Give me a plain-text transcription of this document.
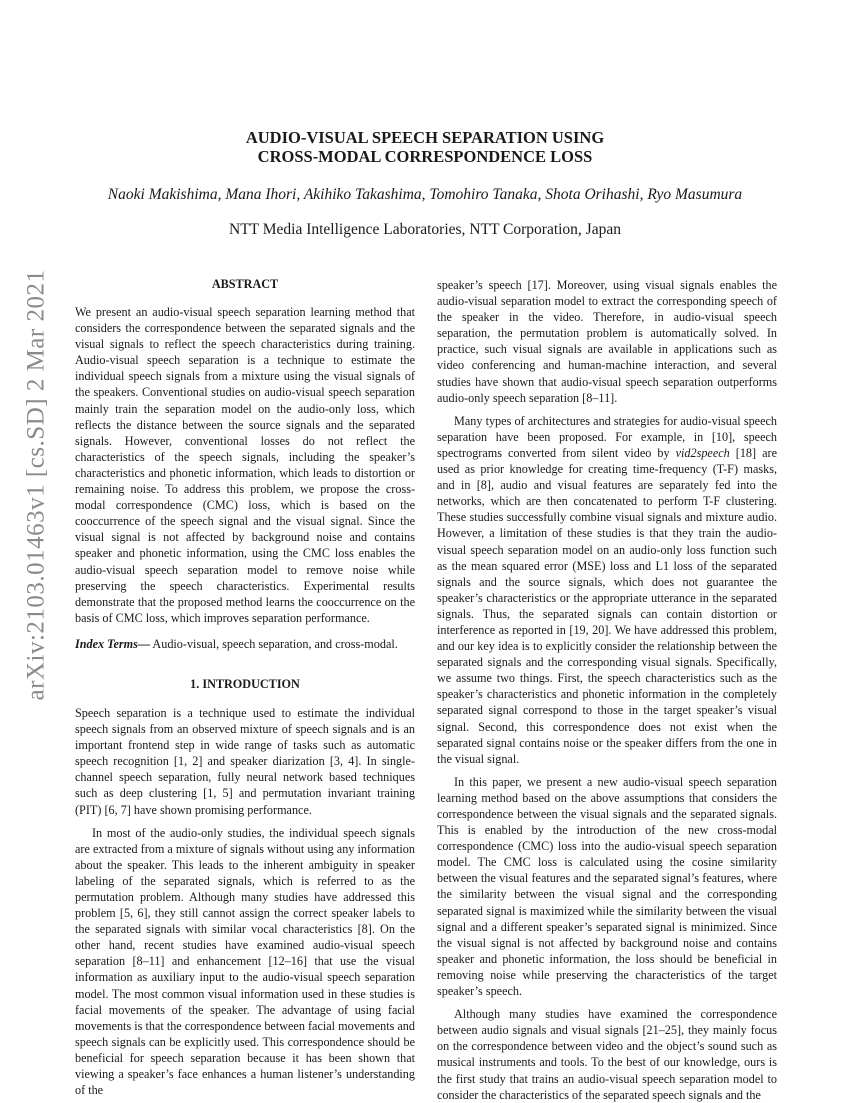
arXiv:2103.01463v1 [cs.SD] 2 Mar 2021
AUDIO-VISUAL SPEECH SEPARATION USING
CROSS-MODAL CORRESPONDENCE LOSS
Naoki Makishima, Mana Ihori, Akihiko Takashima, Tomohiro Tanaka, Shota Orihashi, Ryo Masumura
NTT Media Intelligence Laboratories, NTT Corporation, Japan
ABSTRACT

We present an audio-visual speech separation learning method that considers the correspondence between the separated signals and the visual signals to reflect the speech characteristics during training. Audio-visual speech separation is a technique to estimate the individual speech signals from a mixture using the visual signals of the speakers. Conventional studies on audio-visual speech separation mainly train the separation model on the audio-only loss, which reflects the distance between the source signals and the separated signals. However, conventional losses do not reflect the characteristics of the speech signals, including the speaker’s characteristics and phonetic information, which leads to distortion or remaining noise. To address this problem, we propose the cross-modal correspondence (CMC) loss, which is based on the cooccurrence of the speech signal and the visual signal. Since the visual signal is not affected by background noise and contains speaker and phonetic information, using the CMC loss enables the audio-visual speech separation model to remove noise while preserving the speech characteristics. Experimental results demonstrate that the proposed method learns the cooccurrence on the basis of CMC loss, which improves separation performance.

Index Terms— Audio-visual, speech separation, and cross-modal.

1. INTRODUCTION

Speech separation is a technique used to estimate the individual speech signals from an observed mixture of speech signals and is an important frontend step in wide range of tasks such as automatic speech recognition [1, 2] and speaker diarization [3, 4]. In single-channel speech separation, fully neural network based techniques such as deep clustering [1, 5] and permutation invariant training (PIT) [6, 7] have shown promising performance.

In most of the audio-only studies, the individual speech signals are extracted from a mixture of signals without using any information about the speaker. This leads to the inherent ambiguity in speaker labeling of the separated signals, which is referred to as the permutation problem. Although many studies have addressed this problem [5, 6], they still cannot assign the correct speaker labels to the separated signals with similar vocal characteristics [8]. On the other hand, recent studies have examined audio-visual speech separation [8–11] and enhancement [12–16] that use the visual information as auxiliary input to the audio-visual speech separation model. The most common visual information used in these studies is facial movements of the speaker. The advantage of using facial movements is that the correspondence between facial movements and speech signals can be explicitly used. This correspondence should be beneficial for speech separation because it has been shown that viewing a speaker’s face enhances a human listener’s understanding of the

speaker’s speech [17]. Moreover, using visual signals enables the audio-visual separation model to extract the corresponding speech of the speaker in the video. Therefore, in audio-visual speech separation, the permutation problem is automatically solved. In practice, such visual signals are available in applications such as video conferencing and human-machine interaction, and several studies have shown that audio-visual speech separation outperforms audio-only speech separation [8–11].

Many types of architectures and strategies for audio-visual speech separation have been proposed. For example, in [10], speech spectrograms converted from silent video by vid2speech [18] are used as prior knowledge for creating time-frequency (T-F) masks, and in [8], audio and visual features are separately fed into the networks, which are then concatenated to perform T-F clustering. These studies successfully combine visual signals and mixture audio. However, a limitation of these studies is that they train the audio-visual speech separation model on an audio-only loss function such as the mean squared error (MSE) loss and L1 loss of the separated signals and the source signals, which does not guarantee the speaker’s characteristics or the appropriate utterance in the separated signals. Thus, the separated signals can contain distortion or interference as reported in [19, 20]. We have addressed this problem, and our key idea is to explicitly consider the relationship between the separated signals and the corresponding visual signals. Specifically, we assume two things. First, the speech characteristics such as the speaker’s characteristics and phonetic information in the completely separated signal correspond to those in the target speaker’s visual signal. Second, this correspondence does not exist when the separated signal contains noise or the speaker differs from the one in the visual signal.

In this paper, we present a new audio-visual speech separation learning method based on the above assumptions that considers the correspondence between the visual signals and the separated signals. This is enabled by the introduction of the new cross-modal correspondence (CMC) loss into the audio-visual speech separation model. The CMC loss is calculated using the cosine similarity between the visual features and the separated signal’s features, where the similarity between the visual signal and the corresponding separated signal is maximized while the similarity between the visual signal and a different speaker’s separated signal is minimized. Since the visual signal is not affected by background noise and contains speaker and phonetic information, the loss should be beneficial in removing noise while preserving the characteristics of the target speaker’s speech.

Although many studies have examined the correspondence between audio signals and visual signals [21–25], they mainly focus on the correspondence between video and the object’s sound such as musical instruments and tools. To the best of our knowledge, ours is the first study that trains an audio-visual speech separation model to consider the characteristics of the separated speech signals and the
